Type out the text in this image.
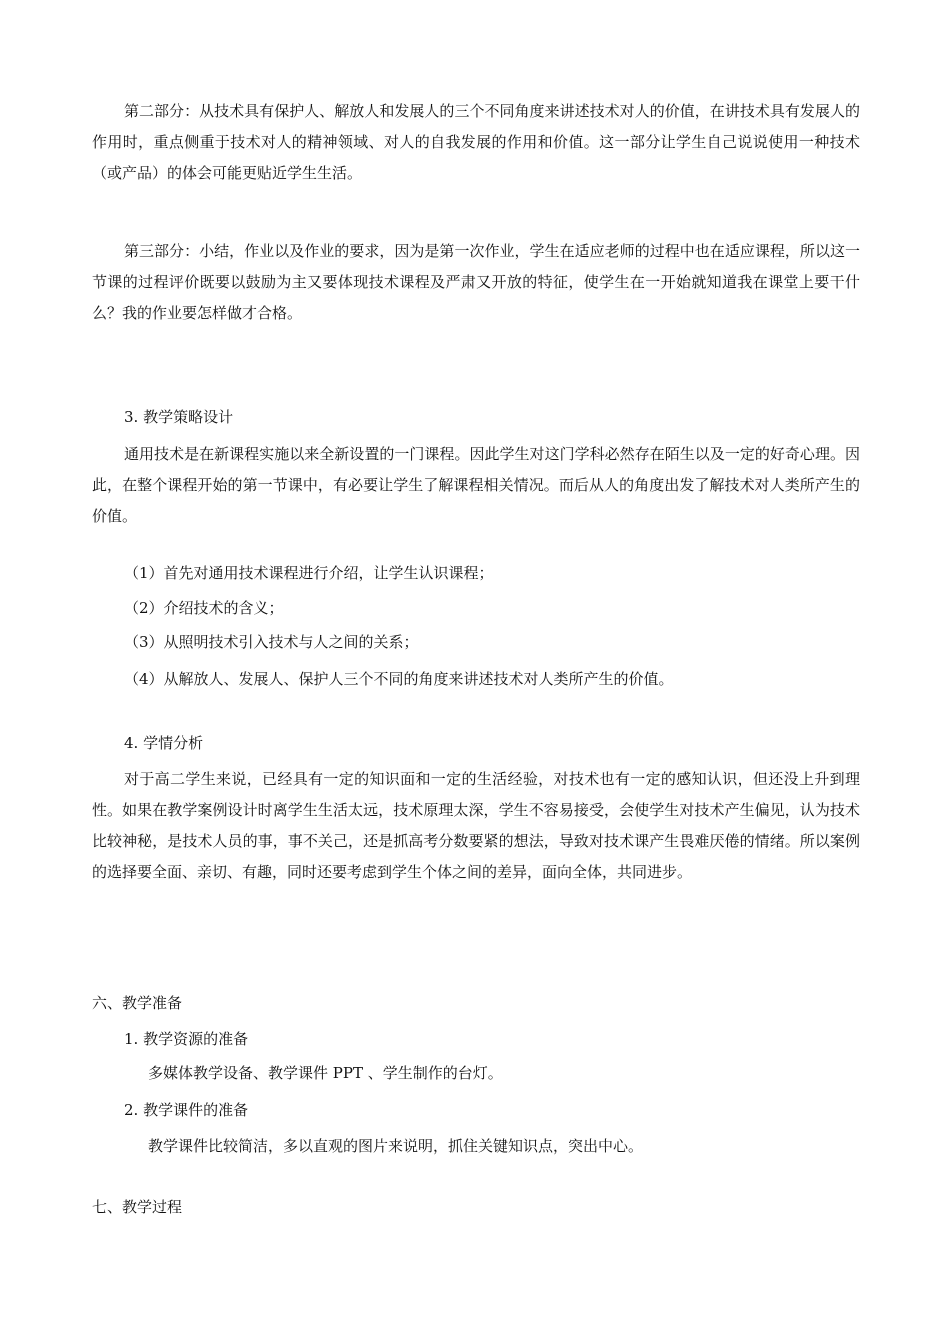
第二部分：从技术具有保护人、解放人和发展人的三个不同角度来讲述技术对人的价值，在讲技术具有发展人的作用时，重点侧重于技术对人的精神领域、对人的自我发展的作用和价值。这一部分让学生自己说说使用一种技术（或产品）的体会可能更贴近学生生活。

第三部分：小结，作业以及作业的要求，因为是第一次作业，学生在适应老师的过程中也在适应课程，所以这一节课的过程评价既要以鼓励为主又要体现技术课程及严肃又开放的特征，使学生在一开始就知道我在课堂上要干什么？我的作业要怎样做才合格。

3. 教学策略设计

通用技术是在新课程实施以来全新设置的一门课程。因此学生对这门学科必然存在陌生以及一定的好奇心理。因此，在整个课程开始的第一节课中，有必要让学生了解课程相关情况。而后从人的角度出发了解技术对人类所产生的价值。

（1）首先对通用技术课程进行介绍，让学生认识课程；
（2）介绍技术的含义；
（3）从照明技术引入技术与人之间的关系；
（4）从解放人、发展人、保护人三个不同的角度来讲述技术对人类所产生的价值。
4. 学情分析

对于高二学生来说，已经具有一定的知识面和一定的生活经验，对技术也有一定的感知认识，但还没上升到理性。如果在教学案例设计时离学生生活太远，技术原理太深，学生不容易接受，会使学生对技术产生偏见，认为技术比较神秘，是技术人员的事，事不关己，还是抓高考分数要紧的想法，导致对技术课产生畏难厌倦的情绪。所以案例的选择要全面、亲切、有趣，同时还要考虑到学生个体之间的差异，面向全体，共同进步。

六、教学准备
1. 教学资源的准备
多媒体教学设备、教学课件 PPT 、学生制作的台灯。
2. 教学课件的准备
教学课件比较简洁，多以直观的图片来说明，抓住关键知识点，突出中心。
七、教学过程
